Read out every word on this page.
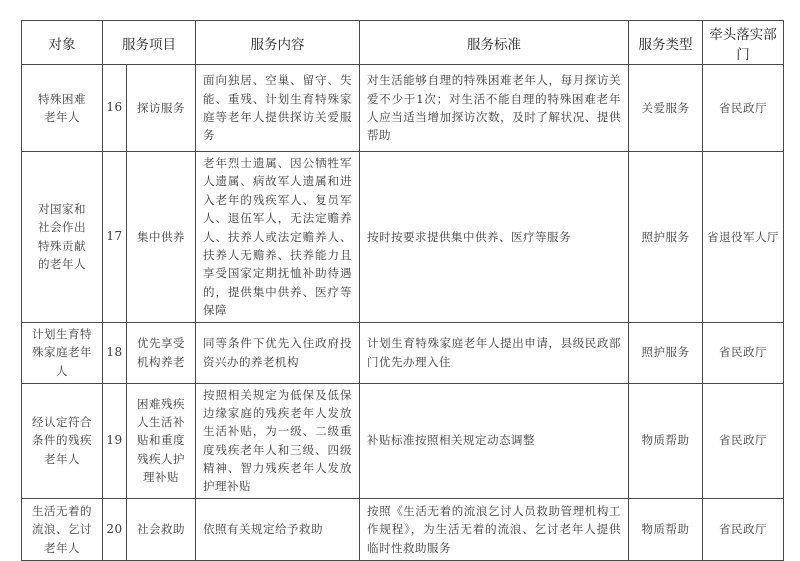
对象	服务项目		服务内容	服务标准	服务类型	牵头落实部门
特殊困难老年人	16	探访服务	面向独居、空巢、留守、失能、重残、计划生育特殊家庭等老年人提供探访关爱服务	对生活能够自理的特殊困难老年人，每月探访关爱不少于1次；对生活不能自理的特殊困难老年人应当适当增加探访次数，及时了解状况、提供帮助	关爱服务	省民政厅
对国家和社会作出特殊贡献的老年人	17	集中供养	老年烈士遗属、因公牺牲军人遗属、病故军人遗属和进入老年的残疾军人、复员军人、退伍军人，无法定赡养人、扶养人或法定赡养人、扶养人无赡养、扶养能力且享受国家定期抚恤补助待遇的，提供集中供养、医疗等保障	按时按要求提供集中供养、医疗等服务	照护服务	省退役军人厅
计划生育特殊家庭老年人	18	优先享受机构养老	同等条件下优先入住政府投资兴办的养老机构	计划生育特殊家庭老年人提出申请，县级民政部门优先办理入住	照护服务	省民政厅
经认定符合条件的残疾老年人	19	困难残疾人生活补贴和重度残疾人护理补贴	按照相关规定为低保及低保边缘家庭的残疾老年人发放生活补贴，为一级、二级重度残疾老年人和三级、四级精神、智力残疾老年人发放护理补贴	补贴标准按照相关规定动态调整	物质帮助	省民政厅
生活无着的流浪、乞讨老年人	20	社会救助	依照有关规定给予救助	按照《生活无着的流浪乞讨人员救助管理机构工作规程》，为生活无着的流浪、乞讨老年人提供临时性救助服务	物质帮助	省民政厅
